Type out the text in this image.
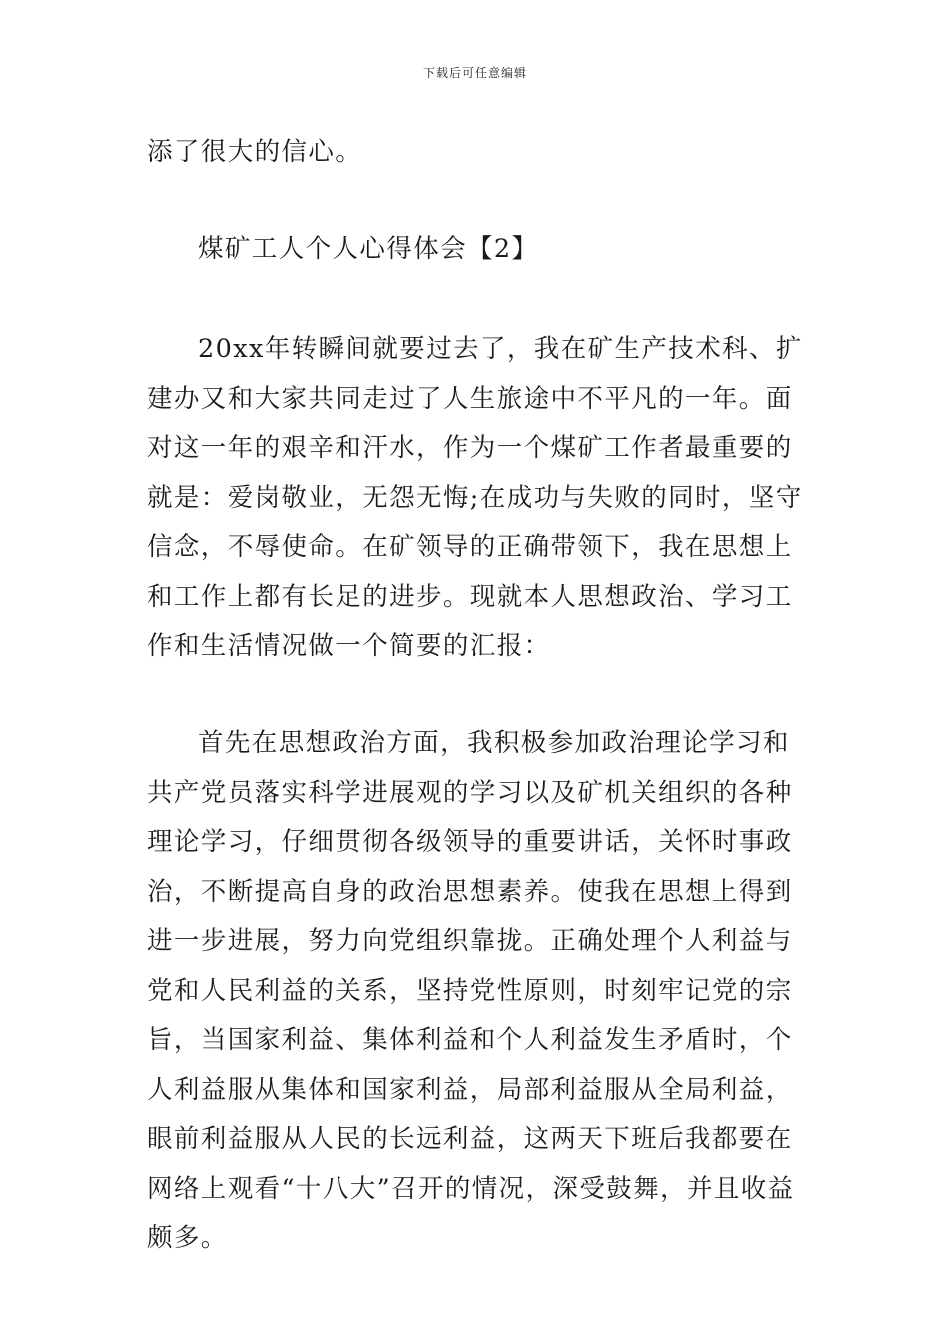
下载后可任意编辑

添了很大的信心。

煤矿工人个人心得体会【2】

20xx年转瞬间就要过去了，我在矿生产技术科、扩建办又和大家共同走过了人生旅途中不平凡的一年。面对这一年的艰辛和汗水，作为一个煤矿工作者最重要的就是：爱岗敬业，无怨无悔;在成功与失败的同时，坚守信念，不辱使命。在矿领导的正确带领下，我在思想上和工作上都有长足的进步。现就本人思想政治、学习工作和生活情况做一个简要的汇报：

首先在思想政治方面，我积极参加政治理论学习和共产党员落实科学进展观的学习以及矿机关组织的各种理论学习，仔细贯彻各级领导的重要讲话，关怀时事政治，不断提高自身的政治思想素养。使我在思想上得到进一步进展，努力向党组织靠拢。正确处理个人利益与党和人民利益的关系，坚持党性原则，时刻牢记党的宗旨，当国家利益、集体利益和个人利益发生矛盾时，个人利益服从集体和国家利益，局部利益服从全局利益，眼前利益服从人民的长远利益，这两天下班后我都要在网络上观看“十八大”召开的情况，深受鼓舞，并且收益颇多。
